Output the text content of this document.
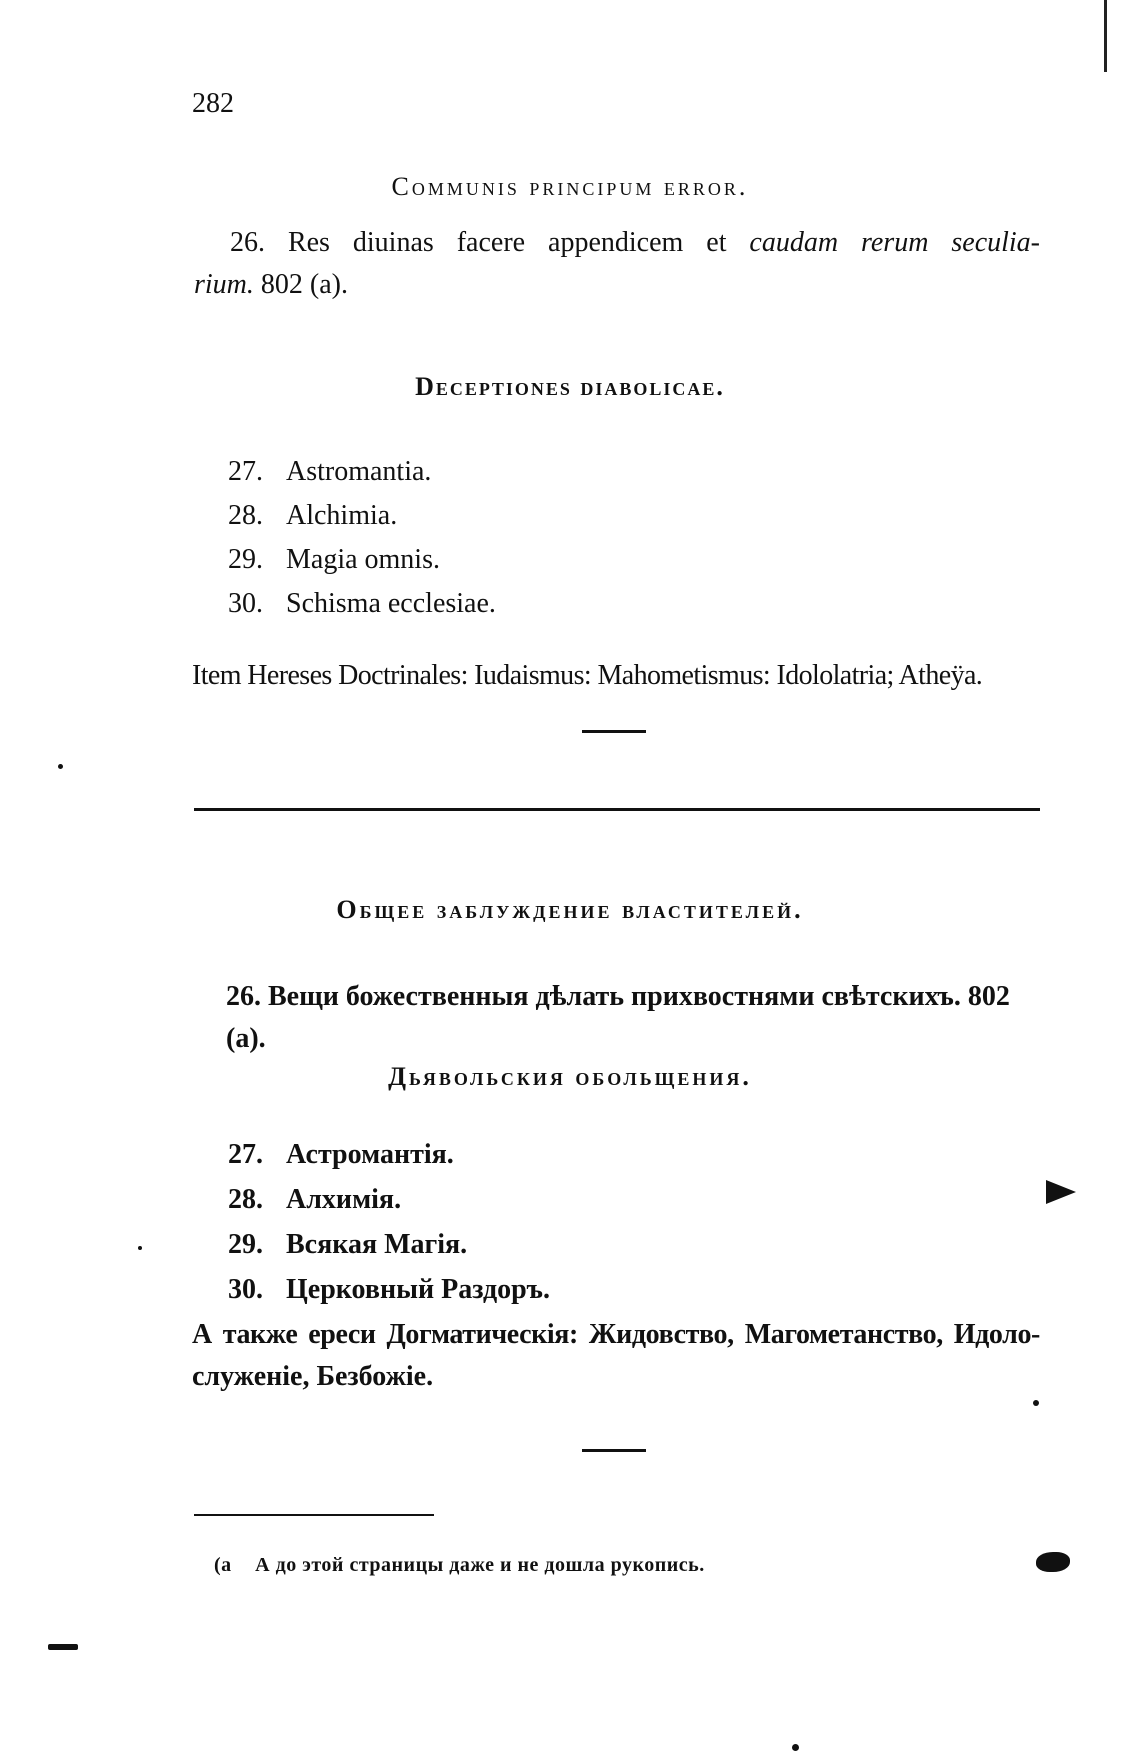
282
Communis principum error.
26. Res diuinas facere appendicem et caudam rerum seculia-
rium. 802 (a).
Deceptiones diabolicae.
27. Astromantia.
28. Alchimia.
29. Magia omnis.
30. Schisma ecclesiae.
Item Hereses Doctrinales: Iudaismus: Mahometismus: Idololatria; Atheÿa.
Общее заблуждение властителей.
26. Вещи божественныя дѣлать прихвостнями свѣтскихъ. 802 (а).
Дьявольския обольщения.
27. Астромантія.
28. Алхимія.
29. Всякая Магія.
30. Церковный Раздоръ.
А также ереси Догматическія: Жидовство, Магометанство, Идоло-
служеніе, Безбожіе.
(а А до этой страницы даже и не дошла рукопись.
